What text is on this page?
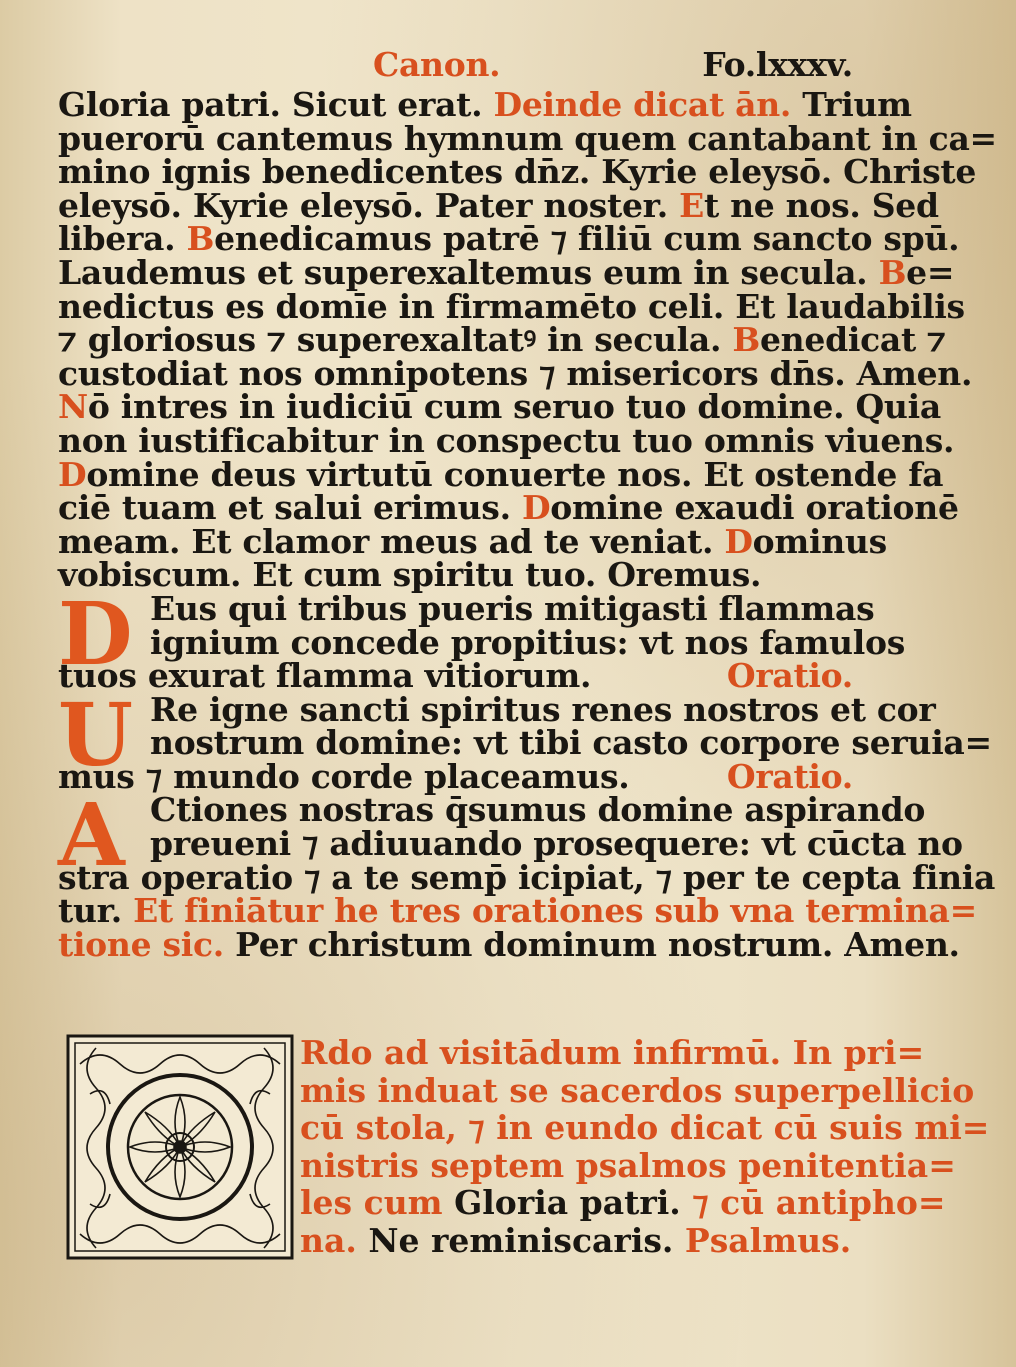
Canon.	Fo.lxxxv.
Gloria patri. Sicut erat. Deinde dicat ān. Trium
puerorū cantemus hymnum quem cantabant in ca=
mino ignis benedicentes dn̄z. Kyrie eleysō. Christe
eleysō. Kyrie eleysō. Pater noster. Et ne nos. Sed
libera. Benedicamus patrē ⁊ filiū cum sancto spū.
Laudemus et superexaltemus eum in secula. Be=
nedictus es domīe in firmamēto celi. Et laudabilis
⁊ gloriosus ⁊ superexaltatꝰ in secula. Benedicat ⁊
custodiat nos omnipotens ⁊ misericors dn̄s. Amen.
Nō intres in iudiciū cum seruo tuo domine. Quia
non iustificabitur in conspectu tuo omnis viuens.
Domine deus virtutū conuerte nos. Et ostende fa
ciē tuam et salui erimus. Domine exaudi orationē
meam. Et clamor meus ad te veniat. Dominus
vobiscum. Et cum spiritu tuo. Oremus.
D Eus qui tribus pueris mitigasti flammas
ignium concede propitius: vt nos famulos
tuos exurat flamma vitiorum.	Oratio.
U Re igne sancti spiritus renes nostros et cor
nostrum domine: vt tibi casto corpore seruia=
mus ⁊ mundo corde placeamus.	Oratio.
A Ctiones nostras q̄sumus domine aspirando
preueni ⁊ adiuuando prosequere: vt cūcta no
stra operatio ⁊ a te semp̄ icipiat, ⁊ per te cepta finia
tur. Et finiātur he tres orationes sub vna termina=
tione sic. Per christum dominum nostrum. Amen.
Rdo ad visitādum infirmū. In pri=
mis induat se sacerdos superpellicio
cū stola, ⁊ in eundo dicat cū suis mi=
nistris septem psalmos penitentia=
les cum Gloria patri. ⁊ cū antipho=
na. Ne reminiscaris. Psalmus.
